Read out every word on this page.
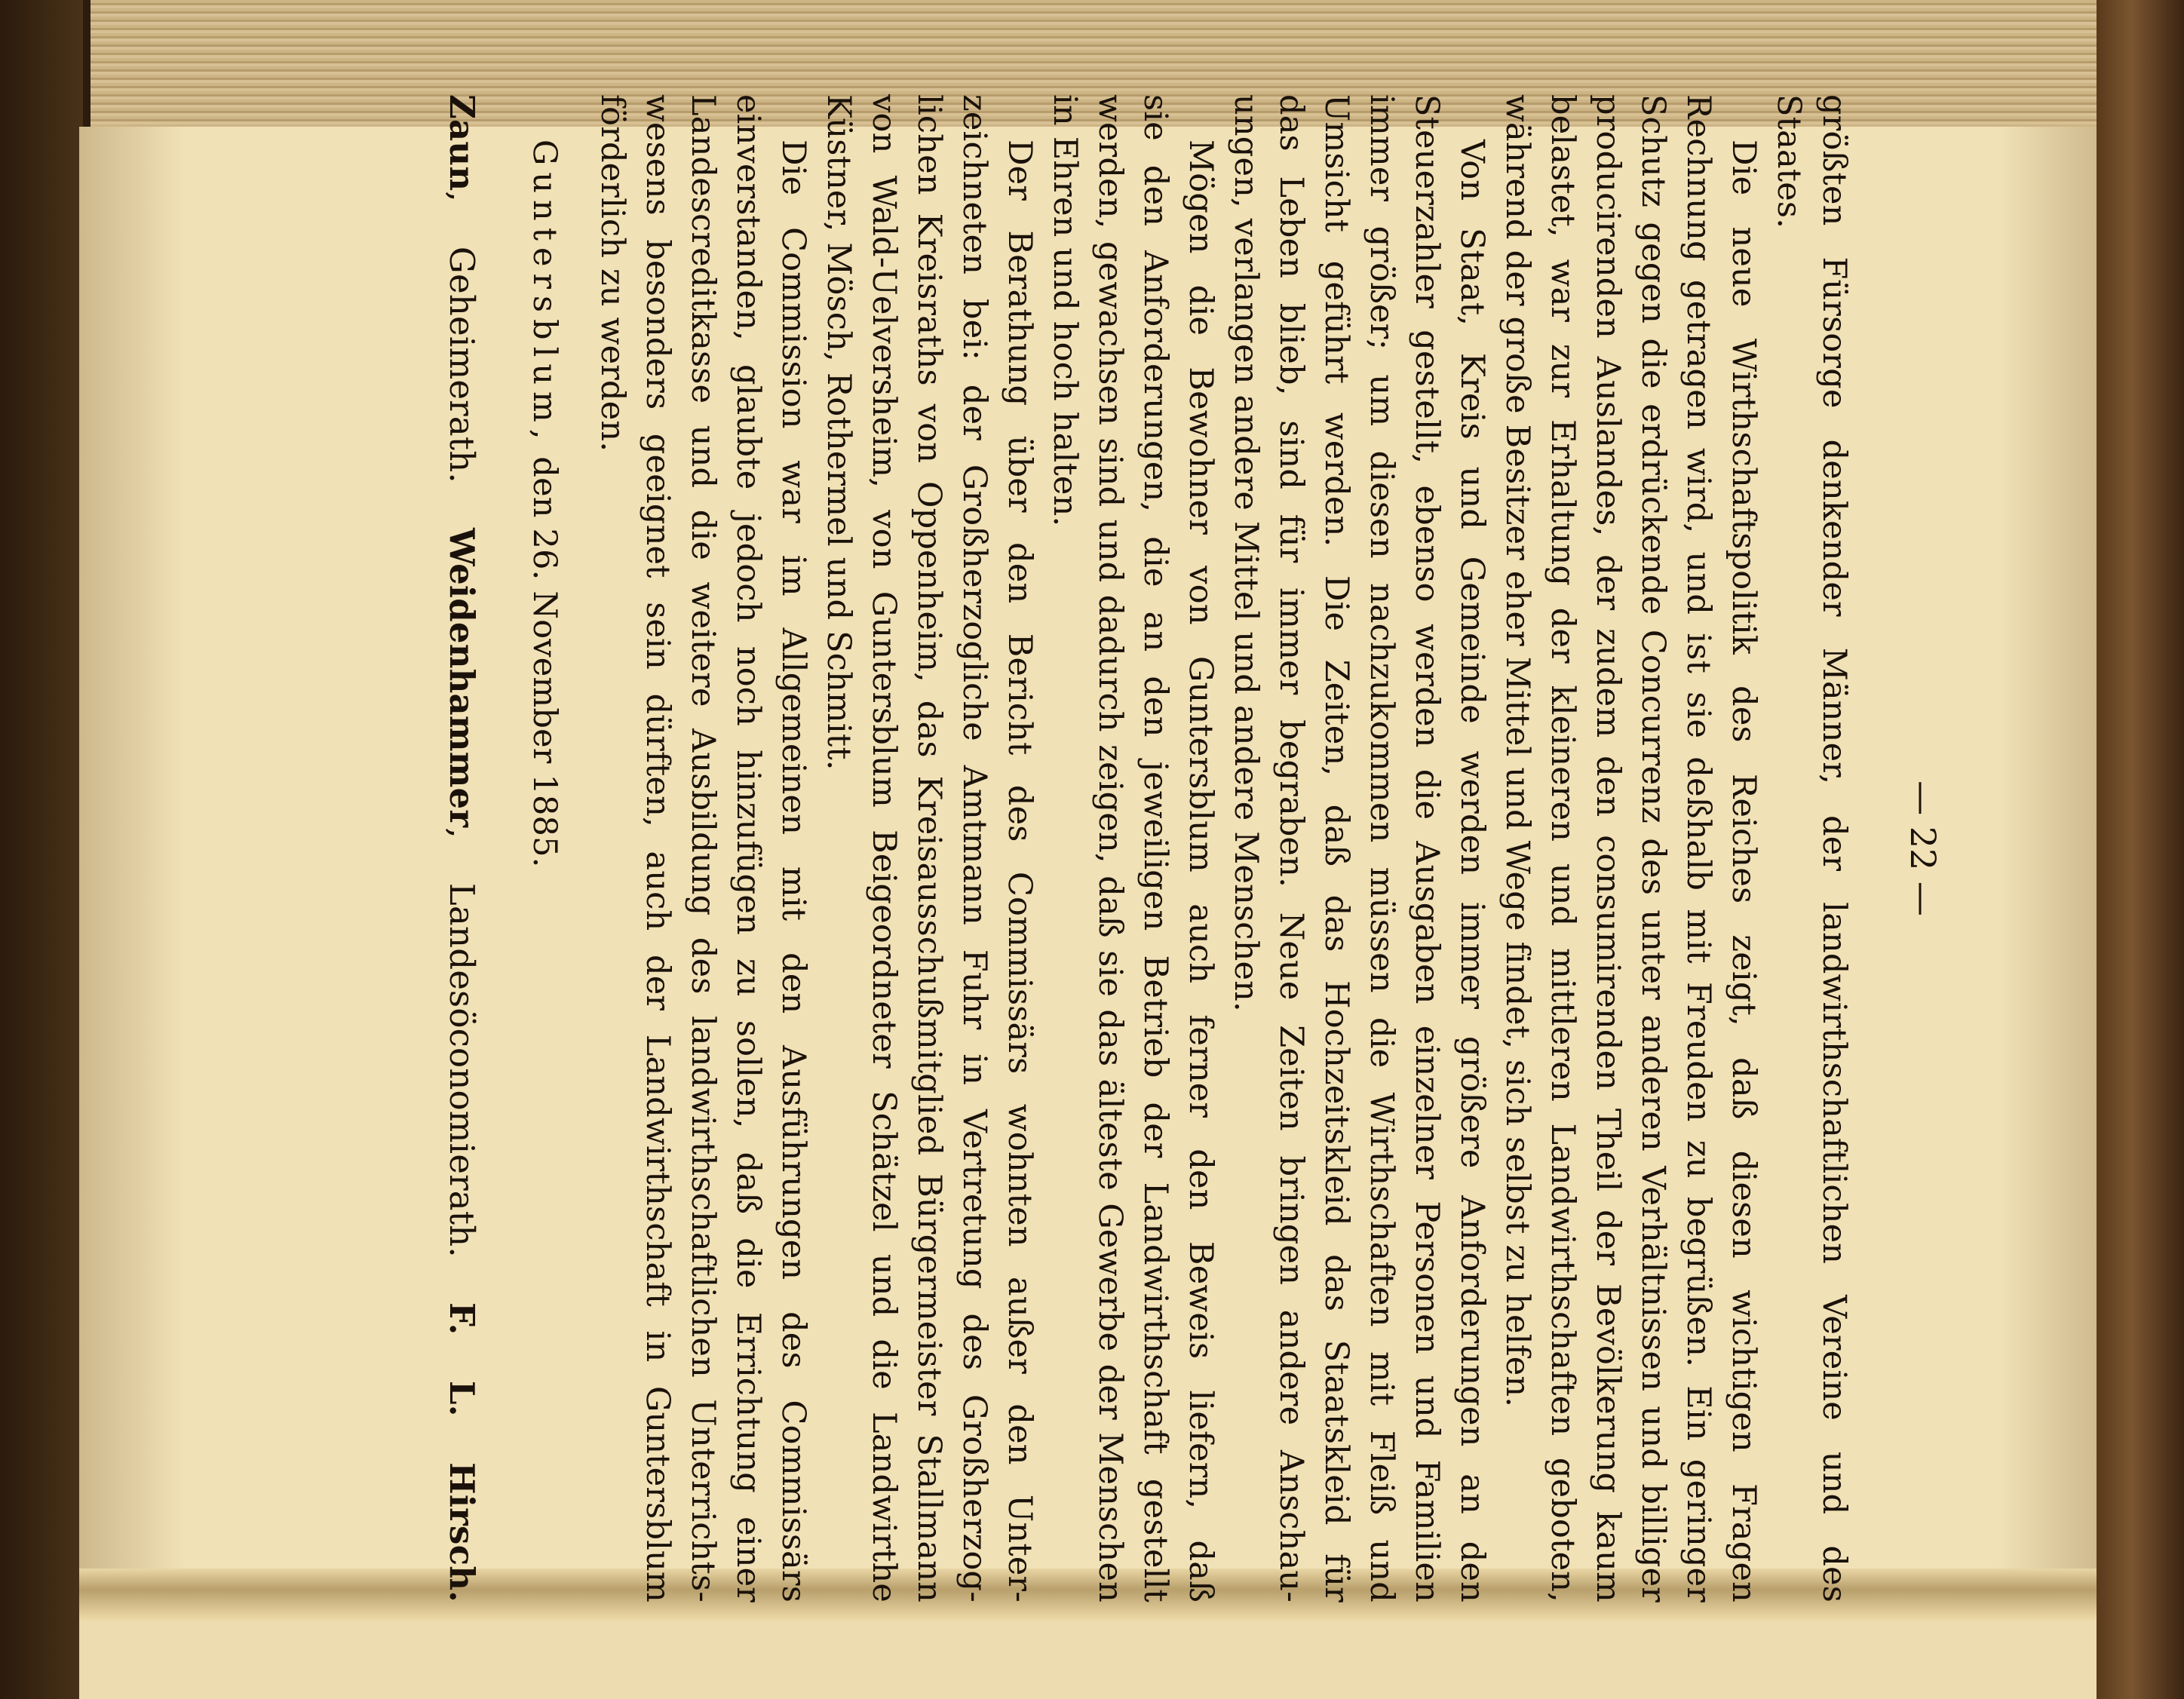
— 22 —
größten Fürsorge denkender Männer, der landwirthschaftlichen Vereine und des
Staates.
Die neue Wirthschaftspolitik des Reiches zeigt, daß diesen wichtigen Fragen
Rechnung getragen wird, und ist sie deßhalb mit Freuden zu begrüßen. Ein geringer
Schutz gegen die erdrückende Concurrenz des unter anderen Verhältnissen und billiger
producirenden Auslandes, der zudem den consumirenden Theil der Bevölkerung kaum
belastet, war zur Erhaltung der kleineren und mittleren Landwirthschaften geboten,
während der große Besitzer eher Mittel und Wege findet, sich selbst zu helfen.
Von Staat, Kreis und Gemeinde werden immer größere Anforderungen an den
Steuerzahler gestellt, ebenso werden die Ausgaben einzelner Personen und Familien
immer größer; um diesen nachzukommen müssen die Wirthschaften mit Fleiß und
Umsicht geführt werden. Die Zeiten, daß das Hochzeitskleid das Staatskleid für
das Leben blieb, sind für immer begraben. Neue Zeiten bringen andere Anschau-
ungen, verlangen andere Mittel und andere Menschen.
Mögen die Bewohner von Guntersblum auch ferner den Beweis liefern, daß
sie den Anforderungen, die an den jeweiligen Betrieb der Landwirthschaft gestellt
werden, gewachsen sind und dadurch zeigen, daß sie das älteste Gewerbe der Menschen
in Ehren und hoch halten.
Der Berathung über den Bericht des Commissärs wohnten außer den Unter-
zeichneten bei: der Großherzogliche Amtmann Fuhr in Vertretung des Großherzog-
lichen Kreisraths von Oppenheim, das Kreisausschußmitglied Bürgermeister Stallmann
von Wald-Uelversheim, von Guntersblum Beigeordneter Schätzel und die Landwirthe
Küstner, Mösch, Rothermel und Schmitt.
Die Commission war im Allgemeinen mit den Ausführungen des Commissärs
einverstanden, glaubte jedoch noch hinzufügen zu sollen, daß die Errichtung einer
Landescreditkasse und die weitere Ausbildung des landwirthschaftlichen Unterrichts-
wesens besonders geeignet sein dürften, auch der Landwirthschaft in Guntersblum
förderlich zu werden.
Guntersblum, den 26. November 1885.
Zaun, Geheimerath. Weidenhammer, Landesöconomierath. F. L. Hirsch.
